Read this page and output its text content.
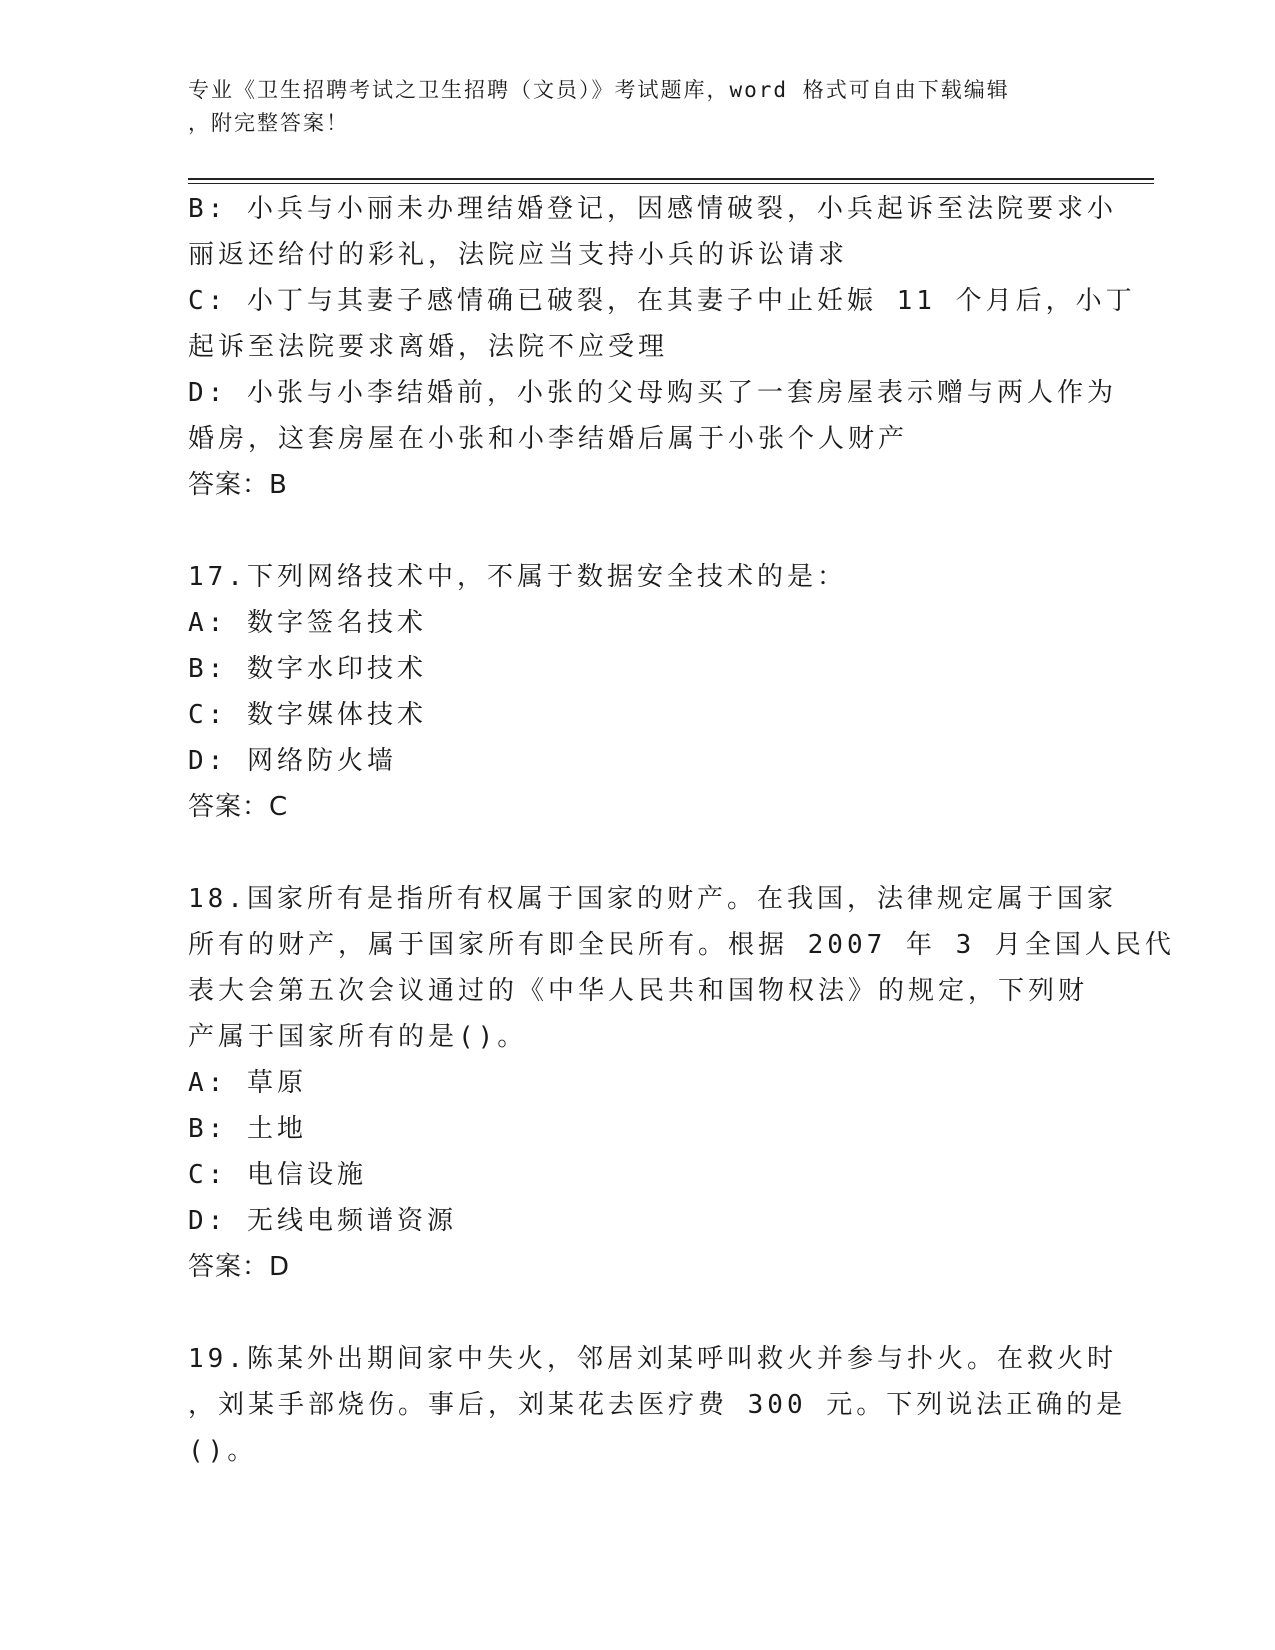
专业《卫生招聘考试之卫生招聘（文员）》考试题库，word 格式可自由下载编辑
，附完整答案！
B: 小兵与小丽未办理结婚登记，因感情破裂，小兵起诉至法院要求小
丽返还给付的彩礼，法院应当支持小兵的诉讼请求
C: 小丁与其妻子感情确已破裂，在其妻子中止妊娠 11 个月后，小丁
起诉至法院要求离婚，法院不应受理
D: 小张与小李结婚前，小张的父母购买了一套房屋表示赠与两人作为
婚房，这套房屋在小张和小李结婚后属于小张个人财产
答案：B
17.下列网络技术中，不属于数据安全技术的是：
A: 数字签名技术
B: 数字水印技术
C: 数字媒体技术
D: 网络防火墙
答案：C
18.国家所有是指所有权属于国家的财产。在我国，法律规定属于国家
所有的财产，属于国家所有即全民所有。根据 2007 年 3 月全国人民代
表大会第五次会议通过的《中华人民共和国物权法》的规定，下列财
产属于国家所有的是()。
A: 草原
B: 土地
C: 电信设施
D: 无线电频谱资源
答案：D
19.陈某外出期间家中失火，邻居刘某呼叫救火并参与扑火。在救火时
，刘某手部烧伤。事后，刘某花去医疗费 300 元。下列说法正确的是
()。
